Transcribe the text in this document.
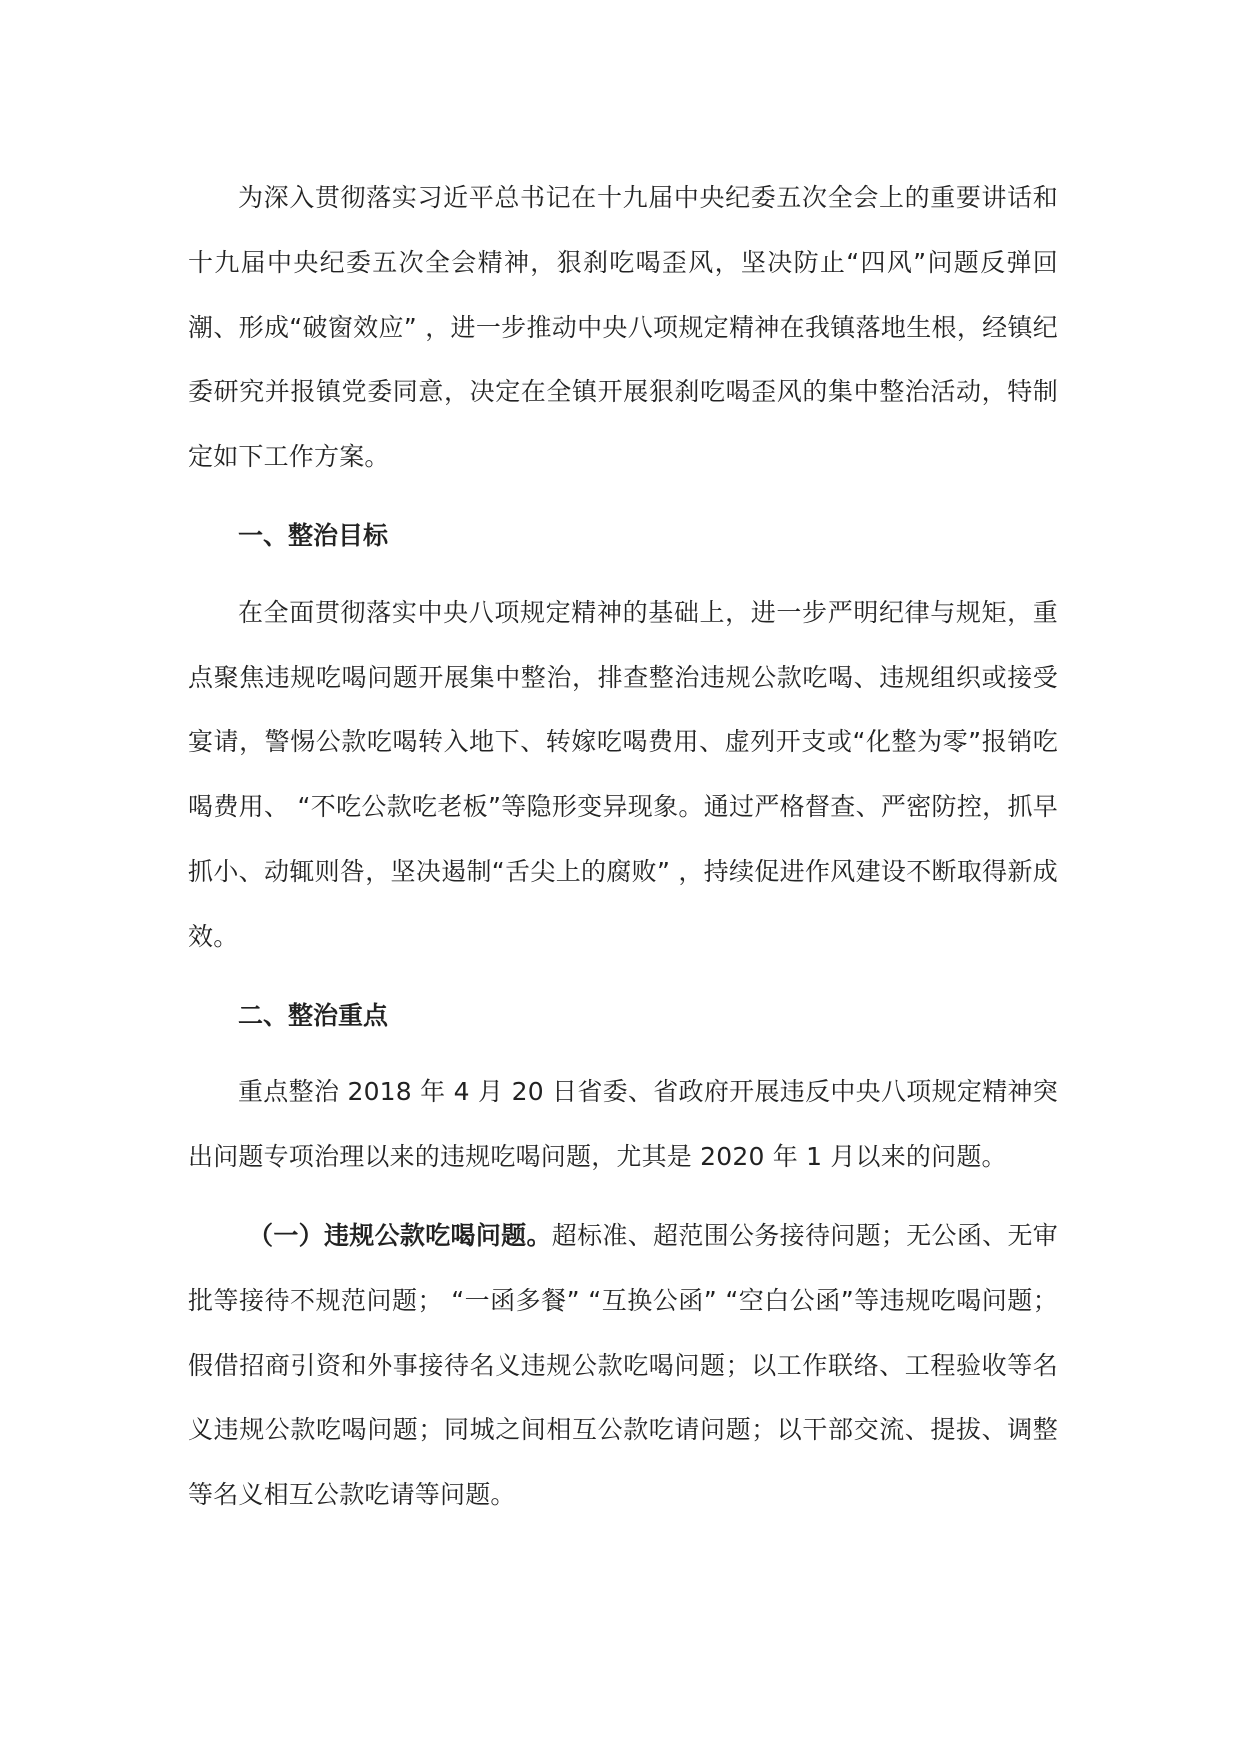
为深入贯彻落实习近平总书记在十九届中央纪委五次全会上的重要讲话和十九届中央纪委五次全会精神，狠刹吃喝歪风，坚决防止“四风”问题反弹回潮、形成“破窗效应” ，进一步推动中央八项规定精神在我镇落地生根，经镇纪委研究并报镇党委同意，决定在全镇开展狠刹吃喝歪风的集中整治活动，特制定如下工作方案。

一、整治目标

在全面贯彻落实中央八项规定精神的基础上，进一步严明纪律与规矩，重点聚焦违规吃喝问题开展集中整治，排查整治违规公款吃喝、违规组织或接受宴请，警惕公款吃喝转入地下、转嫁吃喝费用、虚列开支或“化整为零”报销吃喝费用、 “不吃公款吃老板”等隐形变异现象。通过严格督查、严密防控，抓早抓小、动辄则咎，坚决遏制“舌尖上的腐败” ，持续促进作风建设不断取得新成效。

二、整治重点

重点整治 2018 年 4 月 20 日省委、省政府开展违反中央八项规定精神突出问题专项治理以来的违规吃喝问题，尤其是 2020 年 1 月以来的问题。

（一）违规公款吃喝问题。超标准、超范围公务接待问题；无公函、无审批等接待不规范问题； “一函多餐” “互换公函” “空白公函”等违规吃喝问题；假借招商引资和外事接待名义违规公款吃喝问题；以工作联络、工程验收等名义违规公款吃喝问题；同城之间相互公款吃请问题；以干部交流、提拔、调整等名义相互公款吃请等问题。
